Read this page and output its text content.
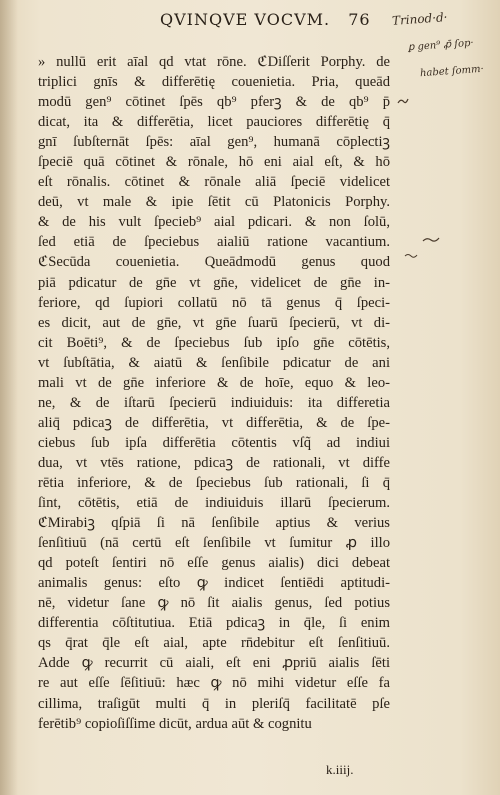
QVINQVE VOCVM. 76
» nullū erit aīal qd vtat rōne. ℭDiſſerit Porphy. de
triplici gnīs & differētię couenietia. Pria, queād
modū gen⁹ cōtinet ſpēs qb⁹ pferꝫ & de qb⁹ p̄
dicat, ita & differētia, licet pauciores differētię q̄
gnī ſubſternāt ſpēs: aīal gen⁹, humanā cōplectiꝫ
ſpeciē quā cōtinet & rōnale, hō eni aial eſt, & hō
eſt rōnalis. cōtinet & rōnale aliā ſpeciē videlicet
deū, vt male & ipie ſētit cū Platonicis Porphy.
& de his vult ſpecieb⁹ aial pdicari. & non ſolū,
ſed etiā de ſpeciebus aialiū ratione vacantium.
ℭSecūda couenietia. Queādmodū genus quod
piā pdicatur de gn̄e vt gn̄e, videlicet de gn̄e in-
feriore, qd ſupiori collatū nō tā genus q̄ ſpeci-
es dicit, aut de gn̄e, vt gn̄e ſuarū ſpecierū, vt di-
cit Boēti⁹, & de ſpeciebus ſub ipſo gn̄e cōtētis,
vt ſubſtātia, & aiatū & ſenſibile pdicatur de ani
mali vt de gn̄e inferiore & de hoīe, equo & leo-
ne, & de iſtarū ſpecierū indiuiduis: ita differetia
aliq̄ pdicaꝫ de differētia, vt differētia, & de ſpe-
ciebus ſub ipſa differētia cōtentis vſq̃ ad indiui
dua, vt vtēs ratione, pdicaꝫ de rationali, vt diffe
rētia inferiore, & de ſpeciebus ſub rationali, ſi q̄
ſint, cōtētis, etiā de indiuiduis illarū ſpecierum.
ℭMirabiꝫ qſpiā ſi nā ſenſibile aptius & verius
ſenſitiuū (nā certū eſt ſenſibile vt ſumitur ꝓ illo
qd poteſt ſentiri nō eſſe genus aialis) dici debeat
animalis genus: eſto ꝙ indicet ſentiēdi aptitudi-
nē, videtur ſane ꝙ nō ſit aialis genus, ſed potius
differentia cōſtitutiua. Etiā pdicaꝫ in q̄le, ſi enim
qs q̄rat q̄le eſt aial, apte rn̄debitur eſt ſenſitiuū.
Adde ꝙ recurrit cū aiali, eſt eni ꝓpriū aialis ſēti
re aut eſſe ſēſitiuū: hæc ꝙ nō mihi videtur eſſe fa
cillima, traſigūt multi q̄ in pleriſq̄ facilitatē pſe
ferētib⁹ copioſiſſime dicūt, ardua aūt & cognitu
k.iiij.
Trinod·d·
ꝑ gen⁹ ꝓ̄ ſop·
habet ſomm·
